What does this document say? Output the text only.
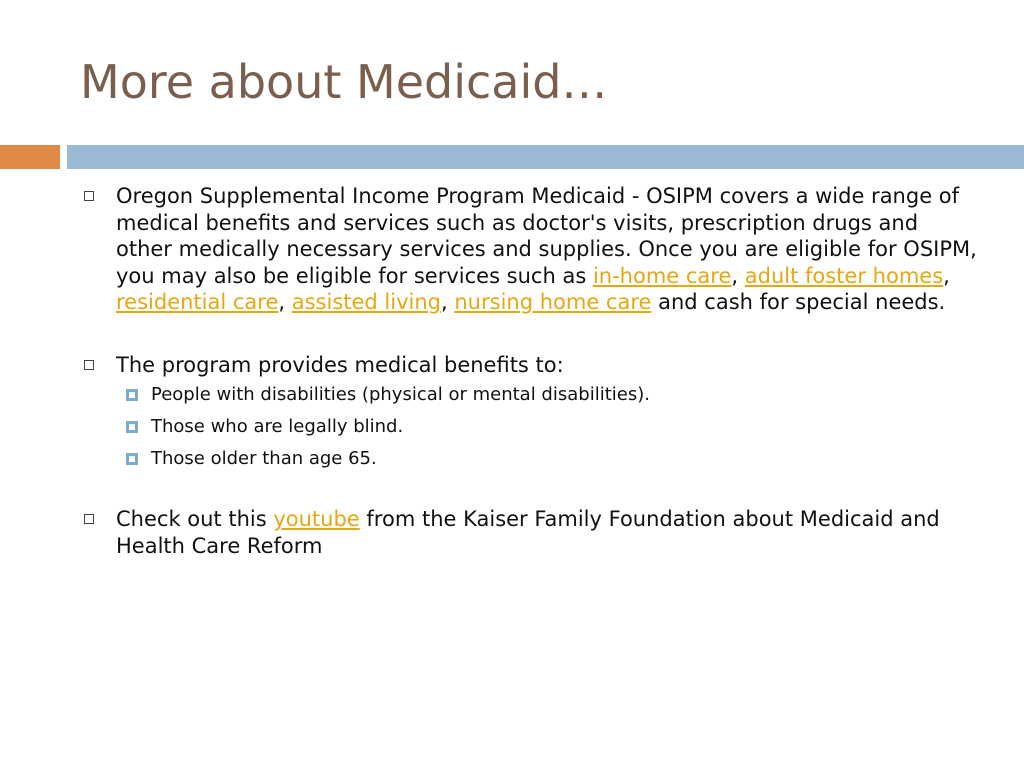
More about Medicaid…
Oregon Supplemental Income Program Medicaid - OSIPM covers a wide range of medical benefits and services such as doctor's visits, prescription drugs and other medically necessary services and supplies. Once you are eligible for OSIPM, you may also be eligible for services such as in-home care, adult foster homes, residential care, assisted living, nursing home care and cash for special needs.
The program provides medical benefits to:
People with disabilities (physical or mental disabilities).
Those who are legally blind.
Those older than age 65.
Check out this youtube from the Kaiser Family Foundation about Medicaid and Health Care Reform
